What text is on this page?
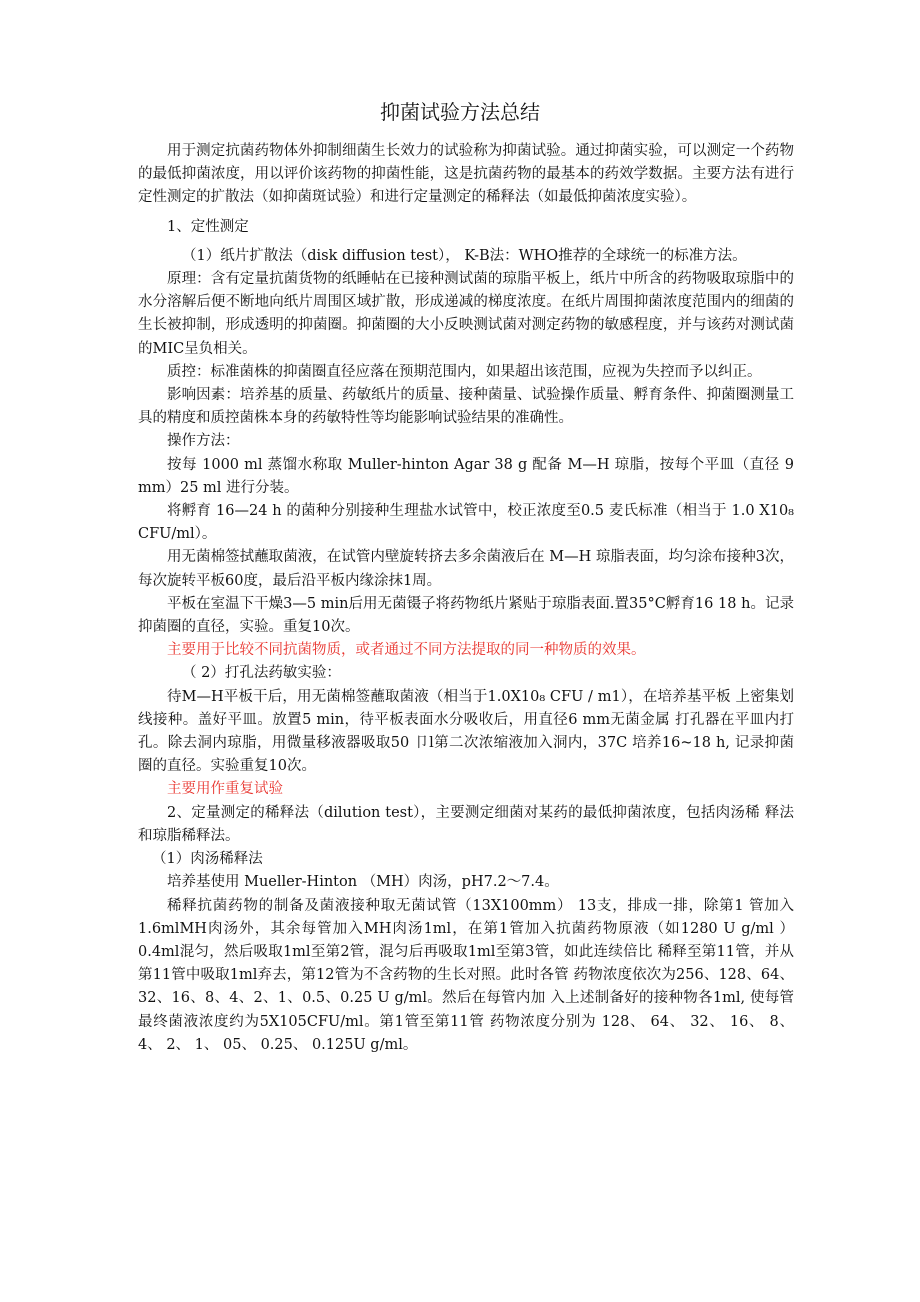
抑菌试验方法总结

用于测定抗菌药物体外抑制细菌生长效力的试验称为抑菌试验。通过抑菌实验，可以测定一个药物的最低抑菌浓度，用以评价该药物的抑菌性能，这是抗菌药物的最基本的药效学数据。主要方法有进行定性测定的扩散法（如抑菌斑试验）和进行定量测定的稀释法（如最低抑菌浓度实验）。

1、定性测定

（1）纸片扩散法（disk diffusion test）， K-B法：WHO推荐的全球统一的标准方法。

原理：含有定量抗菌货物的纸睡帖在已接种测试菌的琼脂平板上，纸片中所含的药物吸取琼脂中的水分溶解后便不断地向纸片周围区域扩散，形成递减的梯度浓度。在纸片周围抑菌浓度范围内的细菌的生长被抑制，形成透明的抑菌圈。抑菌圈的大小反映测试菌对测定药物的敏感程度，并与该药对测试菌的MIC呈负相关。

质控：标准菌株的抑菌圈直径应落在预期范围内，如果超出该范围，应视为失控而予以纠正。

影响因素：培养基的质量、药敏纸片的质量、接种菌量、试验操作质量、孵育条件、抑菌圈测量工具的精度和质控菌株本身的药敏特性等均能影响试验结果的准确性。

操作方法：

按每 1000 ml 蒸馏水称取 Muller-hinton Agar 38 g 配备 M—H 琼脂，按每个平皿（直径 9 mm）25 ml 进行分装。

将孵育 16—24 h 的菌种分别接种生理盐水试管中，校正浓度至0.5 麦氏标准（相当于 1.0 X10₈ CFU/ml）。

用无菌棉签拭蘸取菌液，在试管内壁旋转挤去多余菌液后在 M—H 琼脂表面，均匀涂布接种3次，每次旋转平板60度，最后沿平板内缘涂抹1周。

平板在室温下干燥3—5 min后用无菌镊子将药物纸片紧贴于琼脂表面.置35°C孵育16 18 h。记录抑菌圈的直径，实验。重复10次。

主要用于比较不同抗菌物质，或者通过不同方法提取的同一种物质的效果。

（ 2）打孔法药敏实验：

待M—H平板干后，用无菌棉签蘸取菌液（相当于1.0X10₈ CFU / m1），在培养基平板 上密集划线接种。盖好平皿。放置5 min，待平板表面水分吸收后，用直径6 mm无菌金属 打孔器在平皿内打孔。除去洞内琼脂，用微量移液器吸取50 卩l第二次浓缩液加入洞内，37C 培养16~18 h, 记录抑菌圈的直径。实验重复10次。

主要用作重复试验

2、定量测定的稀释法（dilution test），主要测定细菌对某药的最低抑菌浓度，包括肉汤稀 释法和琼脂稀释法。

（1）肉汤稀释法

培养基使用 Mueller-Hinton （MH）肉汤，pH7.2〜7.4。

稀释抗菌药物的制备及菌液接种取无菌试管（13X100mm） 13支，排成一排，除第1 管加入1.6mlMH肉汤外，其余每管加入MH肉汤1ml，在第1管加入抗菌药物原液（如1280 U g/ml ） 0.4ml混匀，然后吸取1ml至第2管，混匀后再吸取1ml至第3管，如此连续倍比 稀释至第11管，并从第11管中吸取1ml弃去，第12管为不含药物的生长对照。此时各管 药物浓度依次为256、128、64、32、16、8、4、2、1、0.5、0.25 U g/ml。然后在每管内加 入上述制备好的接种物各1ml, 使每管最终菌液浓度约为5X105CFU/ml。第1管至第11管 药物浓度分别为 128、 64、 32、 16、 8、 4、 2、 1、 05、 0.25、 0.125U g/ml。
